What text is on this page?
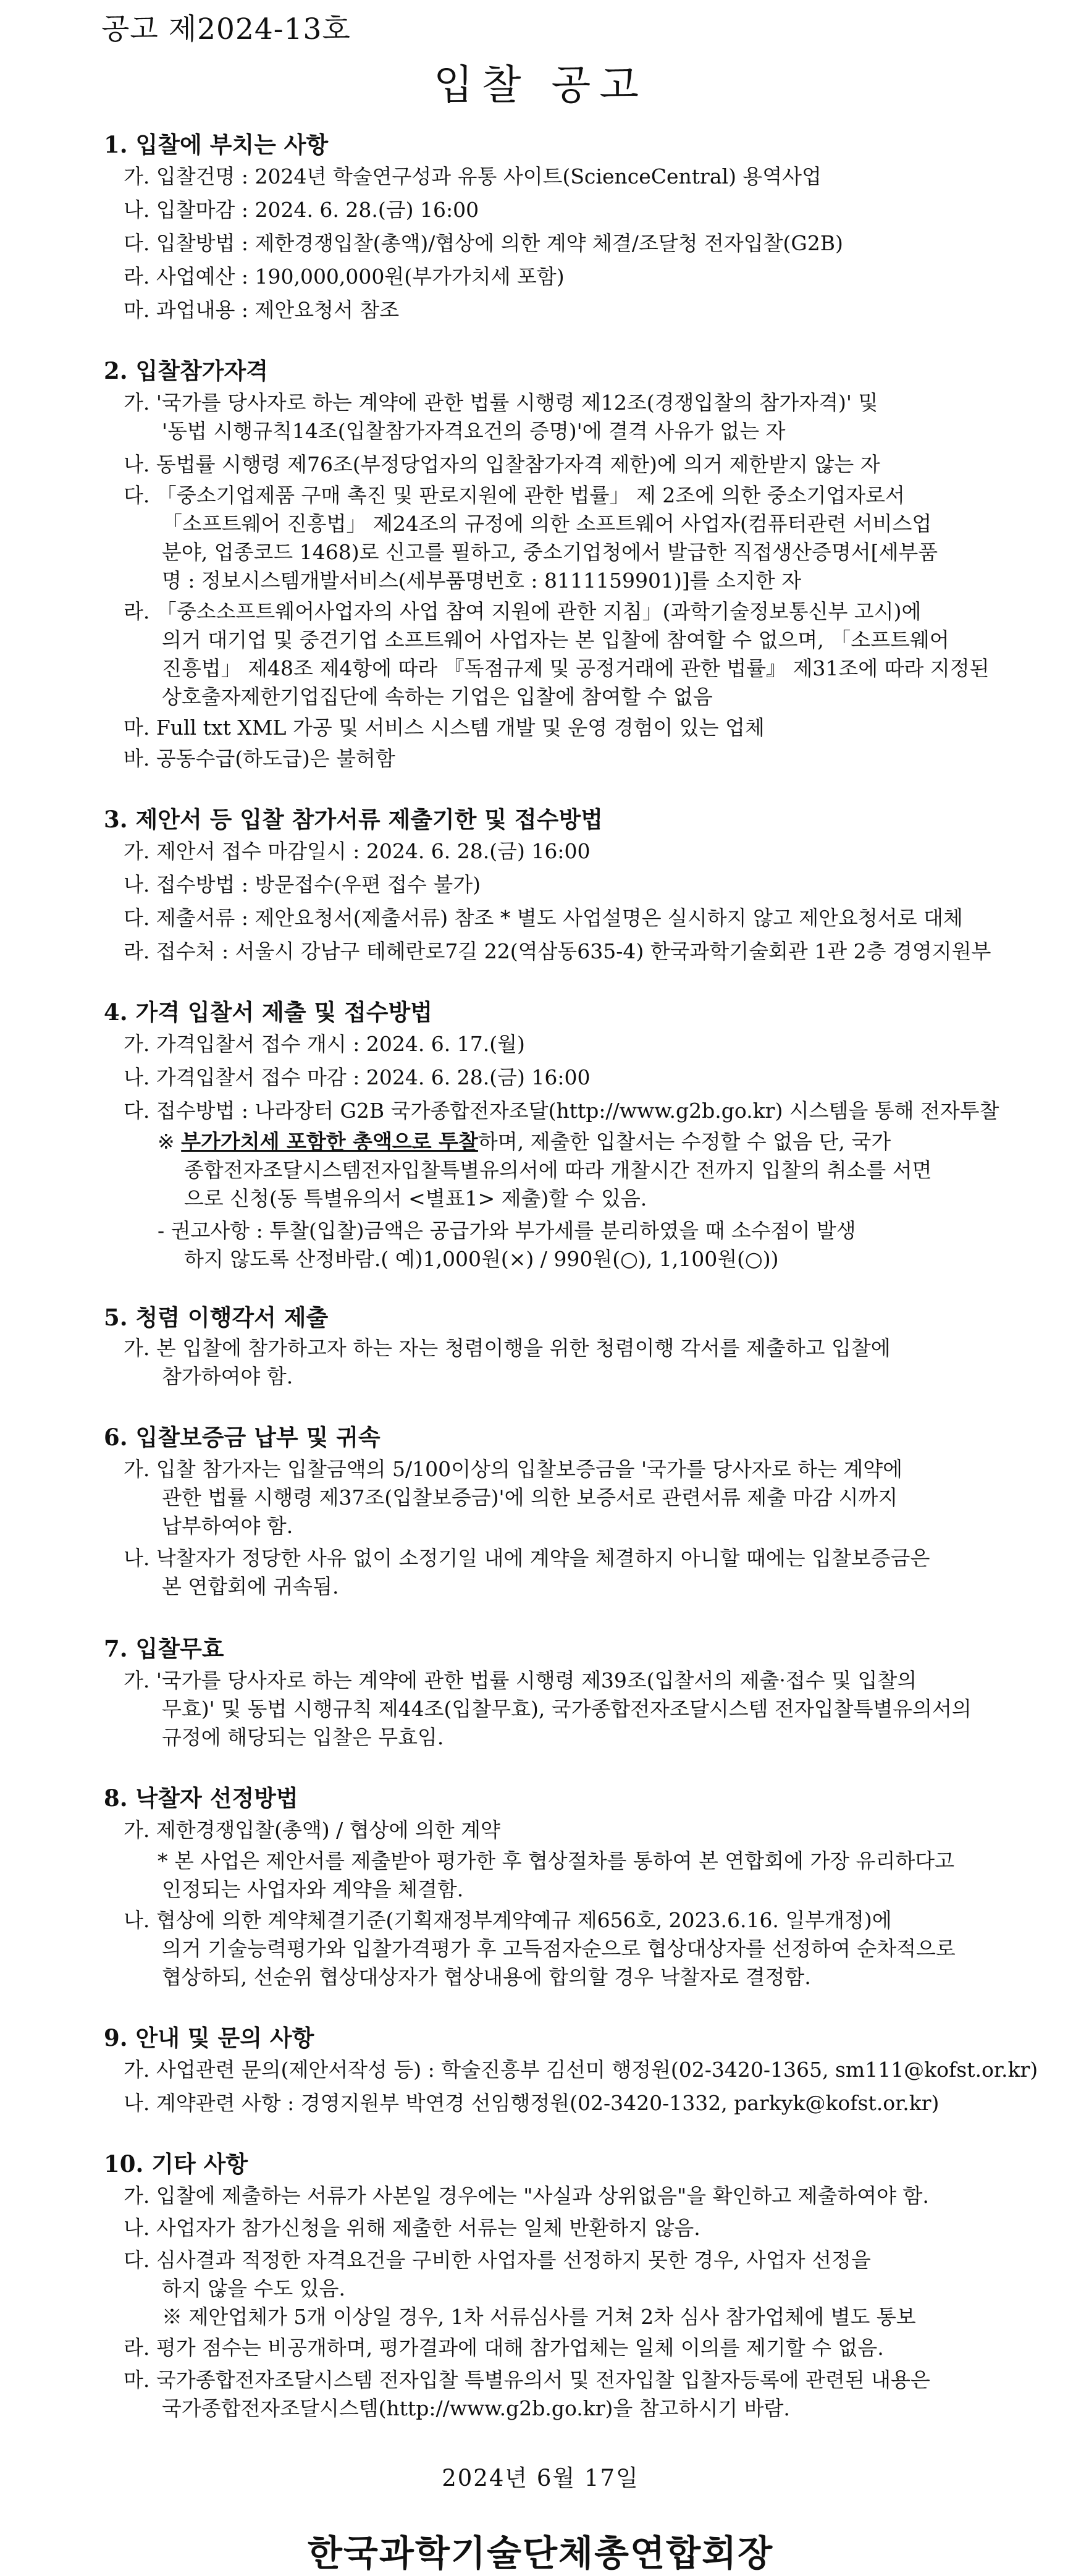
공고 제2024-13호
입찰 공고
1. 입찰에 부치는 사항
가. 입찰건명 : 2024년 학술연구성과 유통 사이트(ScienceCentral) 용역사업
나. 입찰마감 : 2024. 6. 28.(금) 16:00
다. 입찰방법 : 제한경쟁입찰(총액)/협상에 의한 계약 체결/조달청 전자입찰(G2B)
라. 사업예산 : 190,000,000원(부가가치세 포함)
마. 과업내용 : 제안요청서 참조
2. 입찰참가자격
가. '국가를 당사자로 하는 계약에 관한 법률 시행령 제12조(경쟁입찰의 참가자격)' 및
'동법 시행규칙14조(입찰참가자격요건의 증명)'에 결격 사유가 없는 자
나. 동법률 시행령 제76조(부정당업자의 입찰참가자격 제한)에 의거 제한받지 않는 자
다. 「중소기업제품 구매 촉진 및 판로지원에 관한 법률」 제 2조에 의한 중소기업자로서
「소프트웨어 진흥법」 제24조의 규정에 의한 소프트웨어 사업자(컴퓨터관련 서비스업
분야, 업종코드 1468)로 신고를 필하고, 중소기업청에서 발급한 직접생산증명서[세부품
명 : 정보시스템개발서비스(세부품명번호 : 8111159901)]를 소지한 자
라. 「중소소프트웨어사업자의 사업 참여 지원에 관한 지침」(과학기술정보통신부 고시)에
의거 대기업 및 중견기업 소프트웨어 사업자는 본 입찰에 참여할 수 없으며, 「소프트웨어
진흥법」 제48조 제4항에 따라 『독점규제 및 공정거래에 관한 법률』 제31조에 따라 지정된
상호출자제한기업집단에 속하는 기업은 입찰에 참여할 수 없음
마. Full txt XML 가공 및 서비스 시스템 개발 및 운영 경험이 있는 업체
바. 공동수급(하도급)은 불허함
3. 제안서 등 입찰 참가서류 제출기한 및 접수방법
가. 제안서 접수 마감일시 : 2024. 6. 28.(금) 16:00
나. 접수방법 : 방문접수(우편 접수 불가)
다. 제출서류 : 제안요청서(제출서류) 참조 * 별도 사업설명은 실시하지 않고 제안요청서로 대체
라. 접수처 : 서울시 강남구 테헤란로7길 22(역삼동635-4) 한국과학기술회관 1관 2층 경영지원부
4. 가격 입찰서 제출 및 접수방법
가. 가격입찰서 접수 개시 : 2024. 6. 17.(월)
나. 가격입찰서 접수 마감 : 2024. 6. 28.(금) 16:00
다. 접수방법 : 나라장터 G2B 국가종합전자조달(http://www.g2b.go.kr) 시스템을 통해 전자투찰
※ 부가가치세 포함한 총액으로 투찰하며, 제출한 입찰서는 수정할 수 없음 단, 국가
종합전자조달시스템전자입찰특별유의서에 따라 개찰시간 전까지 입찰의 취소를 서면
으로 신청(동 특별유의서 <별표1> 제출)할 수 있음.
- 권고사항 : 투찰(입찰)금액은 공급가와 부가세를 분리하였을 때 소수점이 발생
하지 않도록 산정바람.( 예)1,000원(×) / 990원(○), 1,100원(○))
5. 청렴 이행각서 제출
가. 본 입찰에 참가하고자 하는 자는 청렴이행을 위한 청렴이행 각서를 제출하고 입찰에
참가하여야 함.
6. 입찰보증금 납부 및 귀속
가. 입찰 참가자는 입찰금액의 5/100이상의 입찰보증금을 '국가를 당사자로 하는 계약에
관한 법률 시행령 제37조(입찰보증금)'에 의한 보증서로 관련서류 제출 마감 시까지
납부하여야 함.
나. 낙찰자가 정당한 사유 없이 소정기일 내에 계약을 체결하지 아니할 때에는 입찰보증금은
본 연합회에 귀속됨.
7. 입찰무효
가. '국가를 당사자로 하는 계약에 관한 법률 시행령 제39조(입찰서의 제출·접수 및 입찰의
무효)' 및 동법 시행규칙 제44조(입찰무효), 국가종합전자조달시스템 전자입찰특별유의서의
규정에 해당되는 입찰은 무효임.
8. 낙찰자 선정방법
가. 제한경쟁입찰(총액) / 협상에 의한 계약
* 본 사업은 제안서를 제출받아 평가한 후 협상절차를 통하여 본 연합회에 가장 유리하다고
인정되는 사업자와 계약을 체결함.
나. 협상에 의한 계약체결기준(기획재정부계약예규 제656호, 2023.6.16. 일부개정)에
의거 기술능력평가와 입찰가격평가 후 고득점자순으로 협상대상자를 선정하여 순차적으로
협상하되, 선순위 협상대상자가 협상내용에 합의할 경우 낙찰자로 결정함.
9. 안내 및 문의 사항
가. 사업관련 문의(제안서작성 등) : 학술진흥부 김선미 행정원(02-3420-1365, sm111@kofst.or.kr)
나. 계약관련 사항 : 경영지원부 박연경 선임행정원(02-3420-1332, parkyk@kofst.or.kr)
10. 기타 사항
가. 입찰에 제출하는 서류가 사본일 경우에는 "사실과 상위없음"을 확인하고 제출하여야 함.
나. 사업자가 참가신청을 위해 제출한 서류는 일체 반환하지 않음.
다. 심사결과 적정한 자격요건을 구비한 사업자를 선정하지 못한 경우, 사업자 선정을
하지 않을 수도 있음.
※ 제안업체가 5개 이상일 경우, 1차 서류심사를 거쳐 2차 심사 참가업체에 별도 통보
라. 평가 점수는 비공개하며, 평가결과에 대해 참가업체는 일체 이의를 제기할 수 없음.
마. 국가종합전자조달시스템 전자입찰 특별유의서 및 전자입찰 입찰자등록에 관련된 내용은
국가종합전자조달시스템(http://www.g2b.go.kr)을 참고하시기 바람.
2024년 6월 17일
한국과학기술단체총연합회장
